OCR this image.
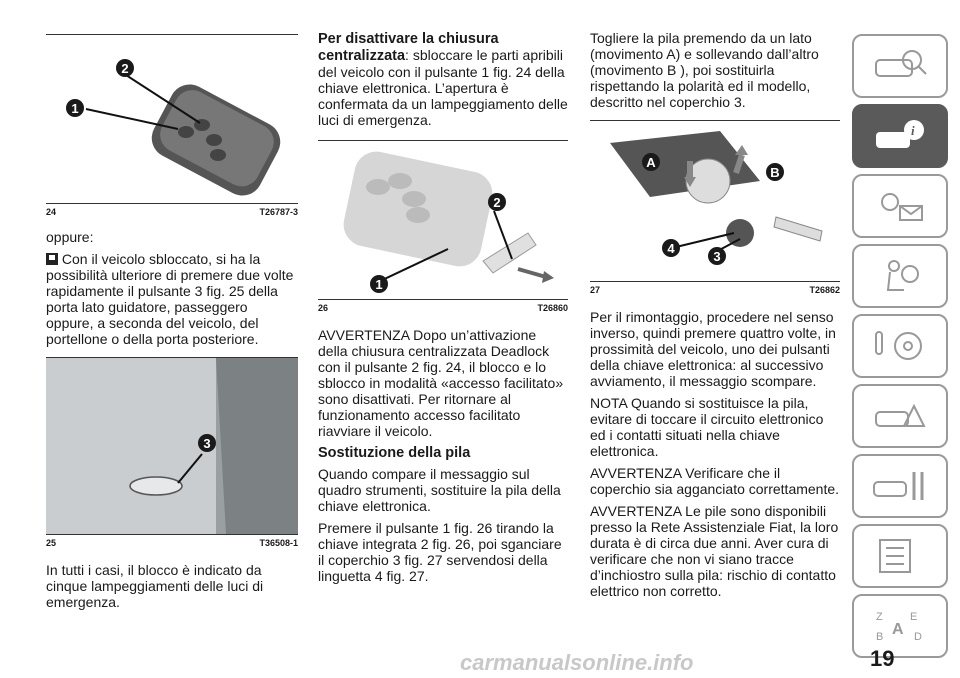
1
2
24	T26787-3

oppure:

Con il veicolo sbloccato, si ha la possibilità ulteriore di premere due volte rapidamente il pulsante 3 fig. 25 della porta lato guidatore, passeggero oppure, a seconda del veicolo, del portellone o della porta posteriore.

3
25	T36508-1

In tutti i casi, il blocco è indicato da cinque lampeggiamenti delle luci di emergenza.

Per disattivare la chiusura centralizzata: sbloccare le parti apribili del veicolo con il pulsante 1 fig. 24 della chiave elettronica. L’apertura è confermata da un lampeggiamento delle luci di emergenza.

1
2
26	T26860

AVVERTENZA Dopo un’attivazione della chiusura centralizzata Deadlock con il pulsante 2 fig. 24, il blocco e lo sblocco in modalità «accesso facilitato» sono disattivati. Per ritornare al funzionamento accesso facilitato riavviare il veicolo.

Sostituzione della pila

Quando compare il messaggio sul quadro strumenti, sostituire la pila della chiave elettronica.

Premere il pulsante 1 fig. 26 tirando la chiave integrata 2 fig. 26, poi sganciare il coperchio 3 fig. 27 servendosi della linguetta 4 fig. 27.

Togliere la pila premendo da un lato (movimento A) e sollevando dall’altro (movimento B ), poi sostituirla rispettando la polarità ed il modello, descritto nel coperchio 3.

A
B
4
3
27	T26862

Per il rimontaggio, procedere nel senso inverso, quindi premere quattro volte, in prossimità del veicolo, uno dei pulsanti della chiave elettronica: al successivo avviamento, il messaggio scompare.

NOTA Quando si sostituisce la pila, evitare di toccare il circuito elettronico ed i contatti situati nella chiave elettronica.

AVVERTENZA Verificare che il coperchio sia agganciato correttamente.

AVVERTENZA Le pile sono disponibili presso la Rete Assistenziale Fiat, la loro durata è di circa due anni. Aver cura di verificare che non vi siano tracce d’inchiostro sulla pila: rischio di contatto elettrico non corretto.

i
Z E
A
B	D
19
carmanualsonline.info
